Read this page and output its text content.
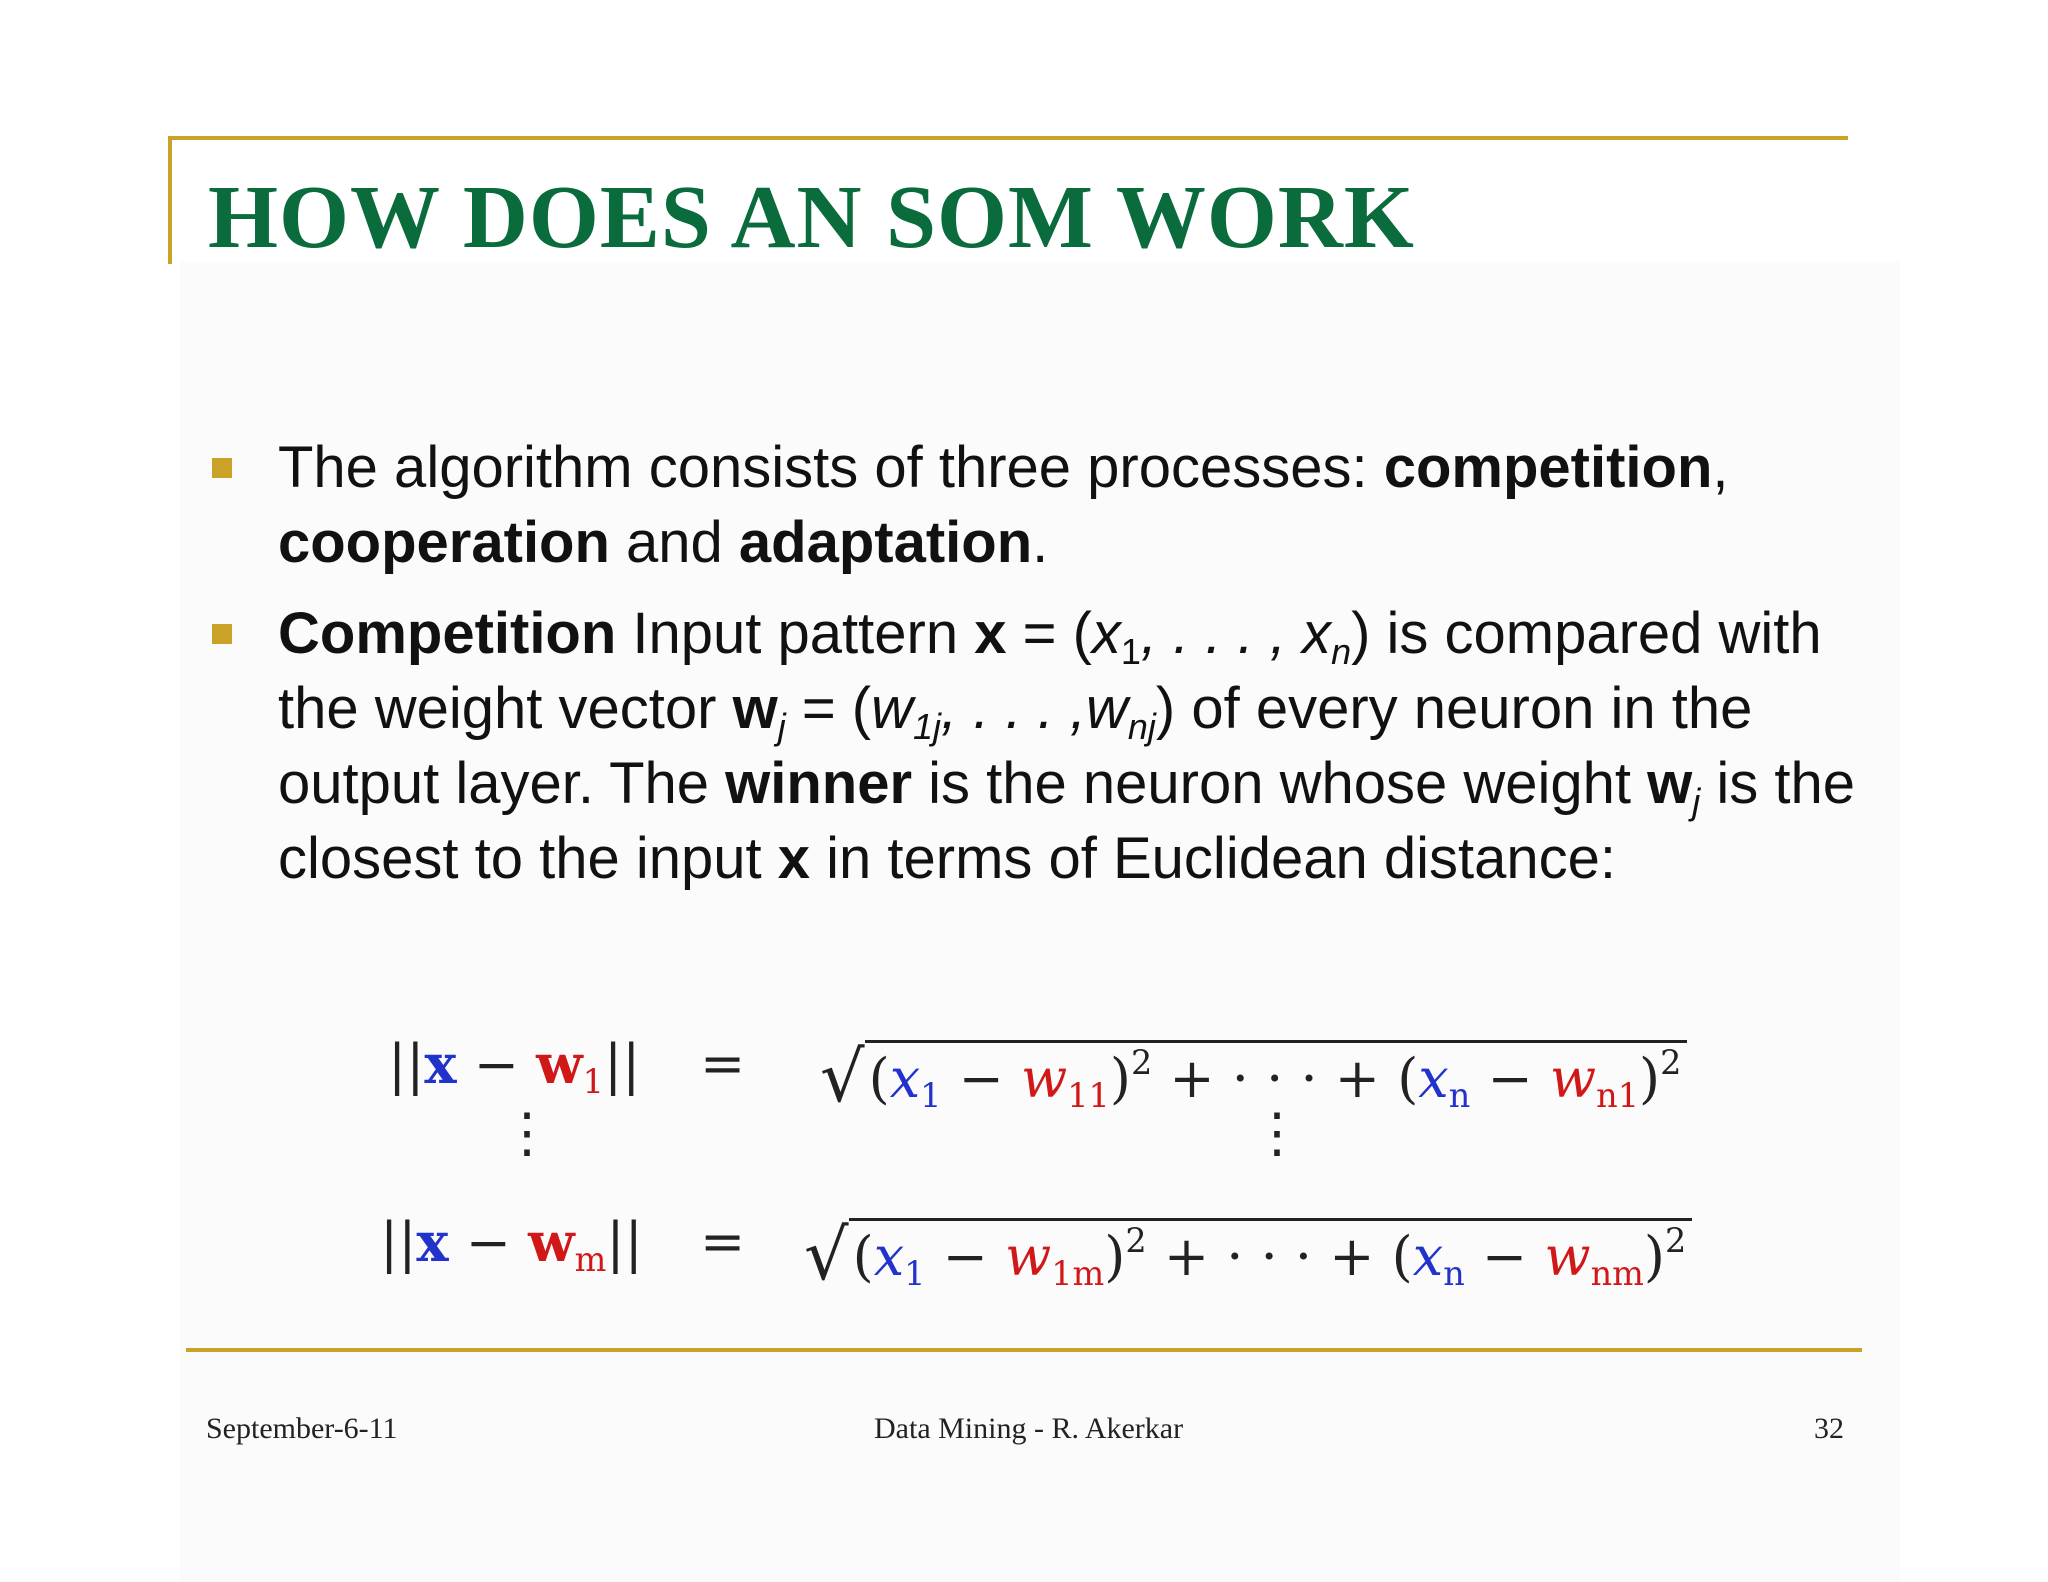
HOW DOES AN SOM WORK

The algorithm consists of three processes: competition, cooperation and adaptation.

Competition Input pattern $x = (x_1$, . . . , $x_n$) is compared with the weight vector $w_j = (w_{1j}$, . . . $,w_{nj}$) of every neuron in the output layer. The winner is the neuron whose weight $w_j$ is the closest to the input x in terms of Euclidean distance:

$||x - w1|| = √(x1 - w11)^2$ + · · · + (xn − wn1)$^2$
⋮	⋮
$||x - wm|| = √(x1 - w1m)^2$ + · · · + (xn − wnm)$^2$
September-6-11	Data Mining - R. Akerkar	32
